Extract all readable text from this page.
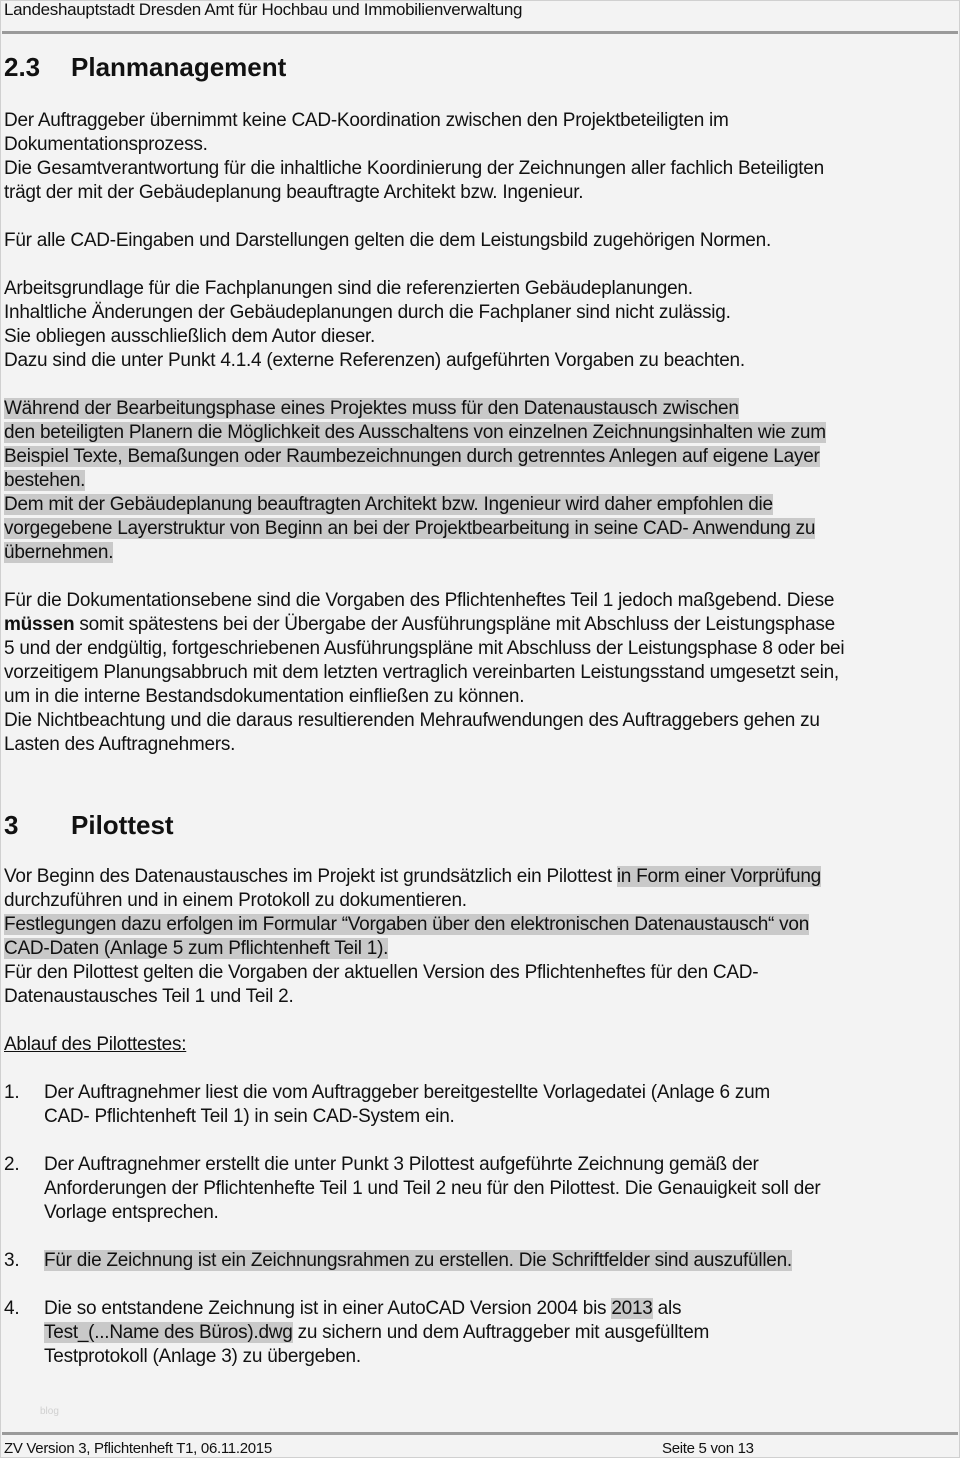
Landeshauptstadt Dresden Amt für Hochbau und Immobilienverwaltung
2.3 Planmanagement
Der Auftraggeber übernimmt keine CAD-Koordination zwischen den Projektbeteiligten im
Dokumentationsprozess.
Die Gesamtverantwortung für die inhaltliche Koordinierung der Zeichnungen aller fachlich Beteiligten
trägt der mit der Gebäudeplanung beauftragte Architekt bzw. Ingenieur.
Für alle CAD-Eingaben und Darstellungen gelten die dem Leistungsbild zugehörigen Normen.
Arbeitsgrundlage für die Fachplanungen sind die referenzierten Gebäudeplanungen.
Inhaltliche Änderungen der Gebäudeplanungen durch die Fachplaner sind nicht zulässig.
Sie obliegen ausschließlich dem Autor dieser.
Dazu sind die unter Punkt 4.1.4 (externe Referenzen) aufgeführten Vorgaben zu beachten.
Während der Bearbeitungsphase eines Projektes muss für den Datenaustausch zwischen
den beteiligten Planern die Möglichkeit des Ausschaltens von einzelnen Zeichnungsinhalten wie zum
Beispiel Texte, Bemaßungen oder Raumbezeichnungen durch getrenntes Anlegen auf eigene Layer
bestehen.
Dem mit der Gebäudeplanung beauftragten Architekt bzw. Ingenieur wird daher empfohlen die
vorgegebene Layerstruktur von Beginn an bei der Projektbearbeitung in seine CAD- Anwendung zu
übernehmen.
Für die Dokumentationsebene sind die Vorgaben des Pflichtenheftes Teil 1 jedoch maßgebend. Diese
müssen somit spätestens bei der Übergabe der Ausführungspläne mit Abschluss der Leistungsphase
5 und der endgültig, fortgeschriebenen Ausführungspläne mit Abschluss der Leistungsphase 8 oder bei
vorzeitigem Planungsabbruch mit dem letzten vertraglich vereinbarten Leistungsstand umgesetzt sein,
um in die interne Bestandsdokumentation einfließen zu können.
Die Nichtbeachtung und die daraus resultierenden Mehraufwendungen des Auftraggebers gehen zu
Lasten des Auftragnehmers.
3 Pilottest
Vor Beginn des Datenaustausches im Projekt ist grundsätzlich ein Pilottest in Form einer Vorprüfung
durchzuführen und in einem Protokoll zu dokumentieren.
Festlegungen dazu erfolgen im Formular “Vorgaben über den elektronischen Datenaustausch“ von
CAD-Daten (Anlage 5 zum Pflichtenheft Teil 1).
Für den Pilottest gelten die Vorgaben der aktuellen Version des Pflichtenheftes für den CAD-
Datenaustausches Teil 1 und Teil 2.
Ablauf des Pilottestes:
1. Der Auftragnehmer liest die vom Auftraggeber bereitgestellte Vorlagedatei (Anlage 6 zum
CAD- Pflichtenheft Teil 1) in sein CAD-System ein.
2. Der Auftragnehmer erstellt die unter Punkt 3 Pilottest aufgeführte Zeichnung gemäß der
Anforderungen der Pflichtenhefte Teil 1 und Teil 2 neu für den Pilottest. Die Genauigkeit soll der
Vorlage entsprechen.
3. Für die Zeichnung ist ein Zeichnungsrahmen zu erstellen. Die Schriftfelder sind auszufüllen.
4. Die so entstandene Zeichnung ist in einer AutoCAD Version 2004 bis 2013 als
Test_(...Name des Büros).dwg zu sichern und dem Auftraggeber mit ausgefülltem
Testprotokoll (Anlage 3) zu übergeben.
blog
ZV Version 3, Pflichtenheft T1, 06.11.2015	Seite 5 von 13
